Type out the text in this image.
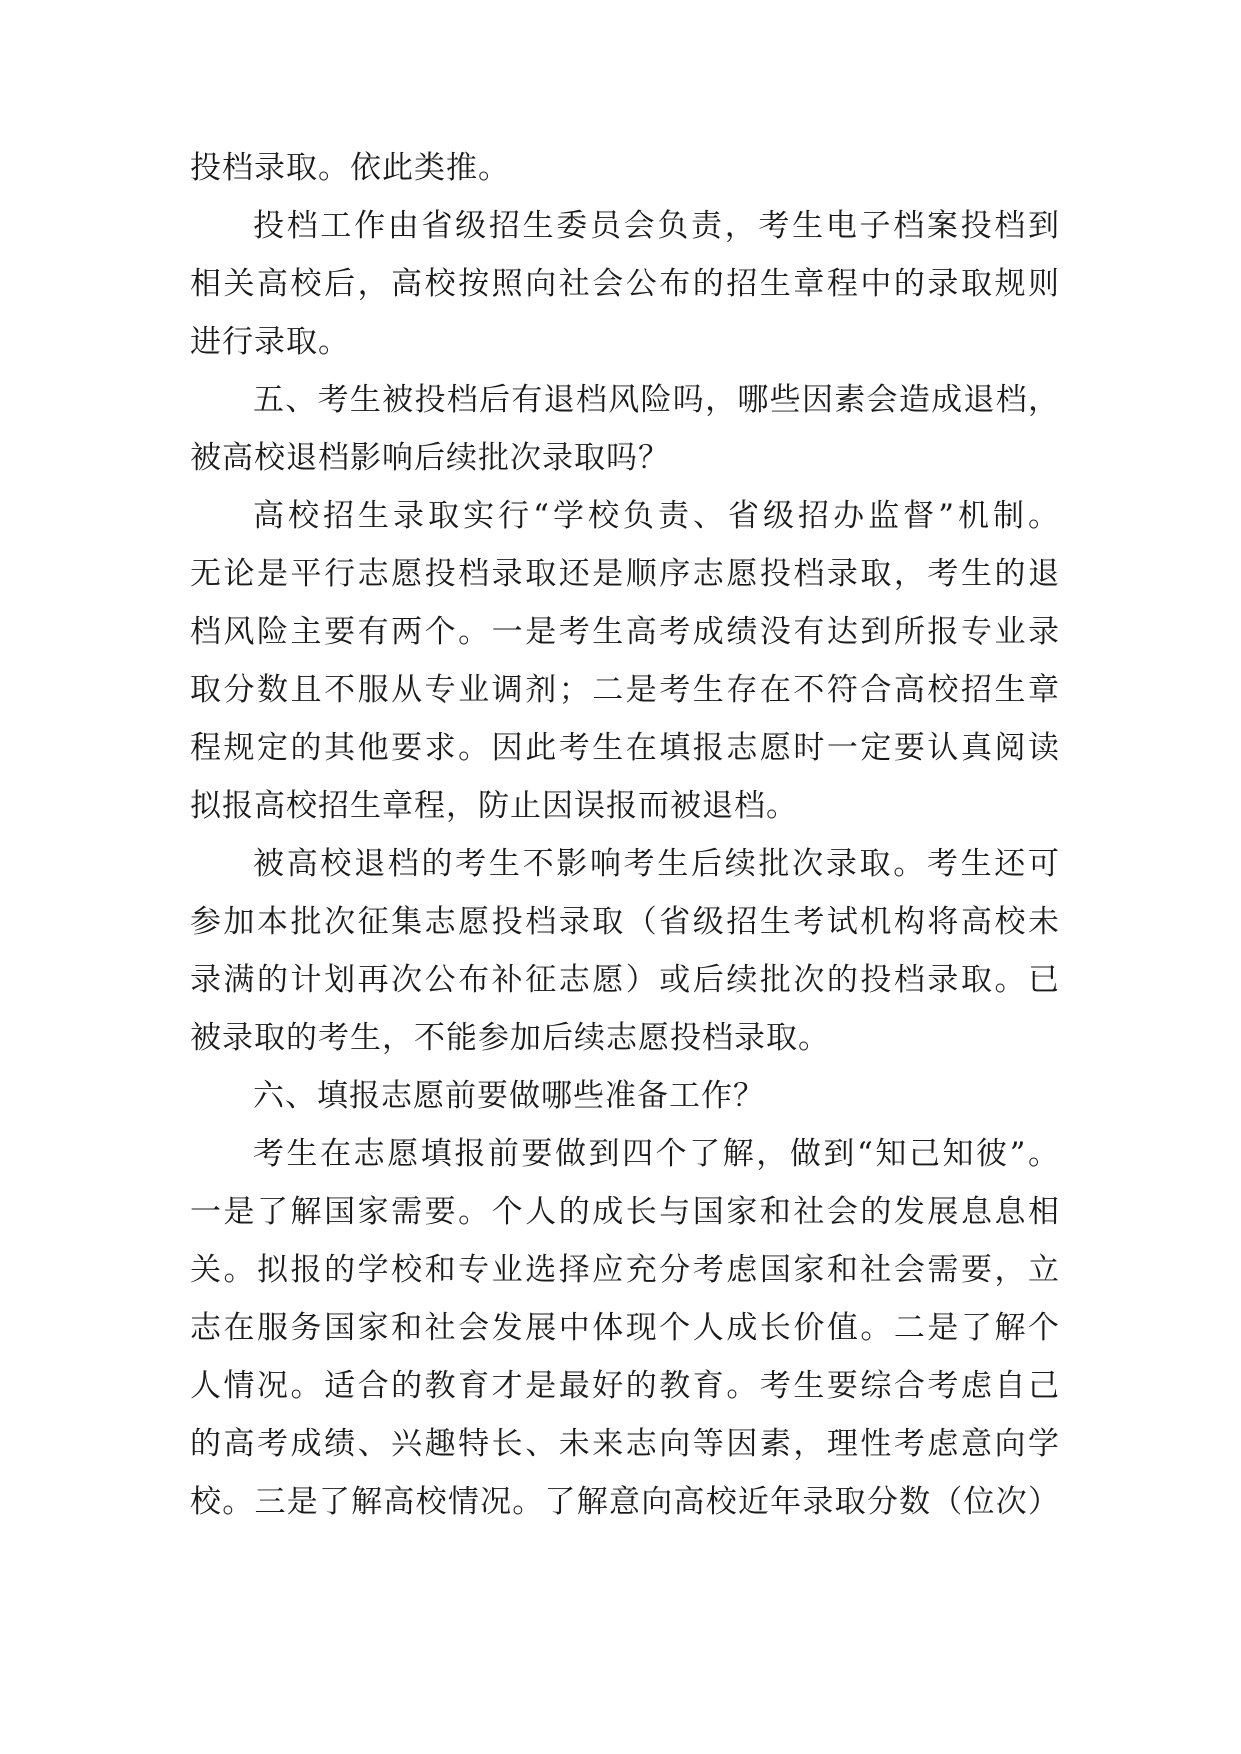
投档录取。依此类推。
投档工作由省级招生委员会负责，考生电子档案投档到
相关高校后，高校按照向社会公布的招生章程中的录取规则
进行录取。
五、考生被投档后有退档风险吗，哪些因素会造成退档，
被高校退档影响后续批次录取吗？
高校招生录取实行“学校负责、省级招办监督”机制。
无论是平行志愿投档录取还是顺序志愿投档录取，考生的退
档风险主要有两个。一是考生高考成绩没有达到所报专业录
取分数且不服从专业调剂；二是考生存在不符合高校招生章
程规定的其他要求。因此考生在填报志愿时一定要认真阅读
拟报高校招生章程，防止因误报而被退档。
被高校退档的考生不影响考生后续批次录取。考生还可
参加本批次征集志愿投档录取（省级招生考试机构将高校未
录满的计划再次公布补征志愿）或后续批次的投档录取。已
被录取的考生，不能参加后续志愿投档录取。
六、填报志愿前要做哪些准备工作？
考生在志愿填报前要做到四个了解，做到“知己知彼”。
一是了解国家需要。个人的成长与国家和社会的发展息息相
关。拟报的学校和专业选择应充分考虑国家和社会需要，立
志在服务国家和社会发展中体现个人成长价值。二是了解个
人情况。适合的教育才是最好的教育。考生要综合考虑自己
的高考成绩、兴趣特长、未来志向等因素，理性考虑意向学
校。三是了解高校情况。了解意向高校近年录取分数（位次）
